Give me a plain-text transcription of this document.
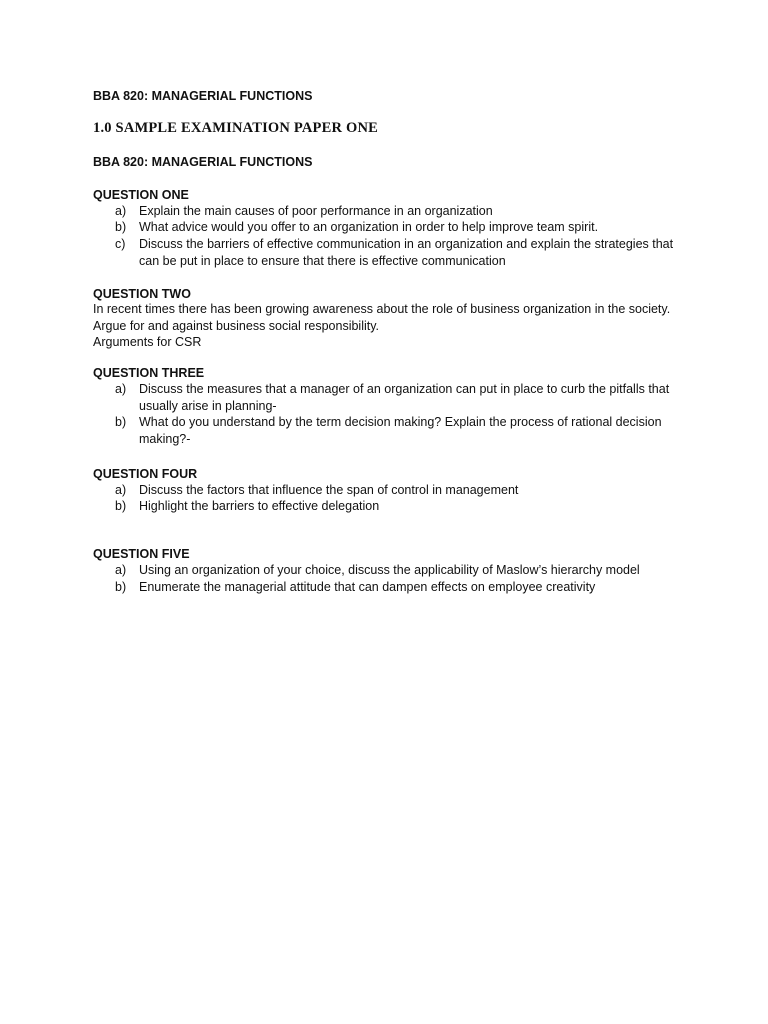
BBA 820: MANAGERIAL FUNCTIONS
1.0 SAMPLE EXAMINATION PAPER ONE
BBA 820: MANAGERIAL FUNCTIONS
QUESTION ONE
a)	Explain the main causes of poor performance in an organization
b)	What advice would you offer to an organization in order to help improve team spirit.
c)	Discuss the barriers of effective communication in an organization and explain the strategies that can be put in place to ensure that there is effective communication
QUESTION TWO
In recent times there has been growing awareness about the role of business organization in the society. Argue for and against business social responsibility.
Arguments for CSR
QUESTION THREE
a)	Discuss the measures that a manager of an organization can put in place to curb the pitfalls that usually arise in planning-
b)	What do you understand by the term decision making? Explain the process of rational decision making?-
QUESTION FOUR
a)	Discuss the factors that influence the span of control in management
b)	Highlight the barriers to effective delegation
QUESTION FIVE
a)	Using an organization of your choice, discuss the applicability of Maslow’s hierarchy model
b)	Enumerate the managerial attitude that can dampen effects on employee creativity
